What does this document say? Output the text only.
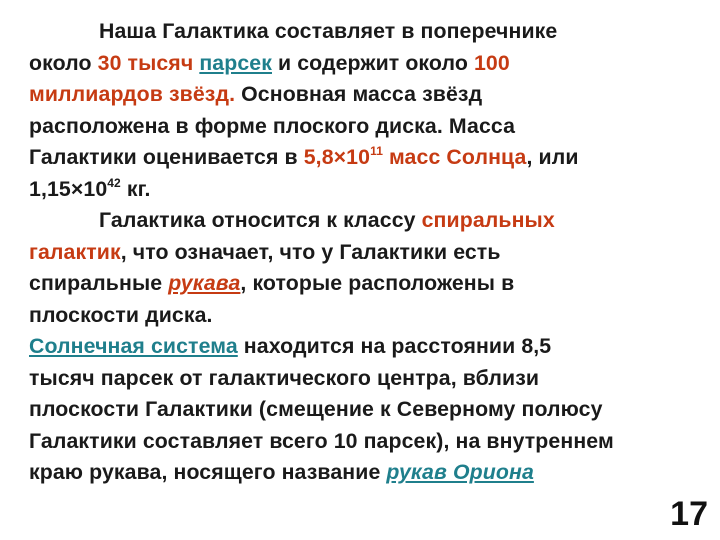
Наша Галактика составляет в поперечнике
около 30 тысяч парсек и содержит около 100
миллиардов звёзд. Основная масса звёзд
расположена в форме плоского диска. Масса
Галактики оценивается в $5,8\times 10^{11}$ масс Солнца, или
$1,15\times 10^{42}$ кг.
Галактика относится к классу спиральных
галактик, что означает, что у Галактики есть
спиральные рукава, которые расположены в
плоскости диска.
Солнечная система находится на расстоянии 8,5
тысяч парсек от галактического центра, вблизи
плоскости Галактики (смещение к Северному полюсу
Галактики составляет всего 10 парсек), на внутреннем
краю рукава, носящего название рукав Ориона
17
